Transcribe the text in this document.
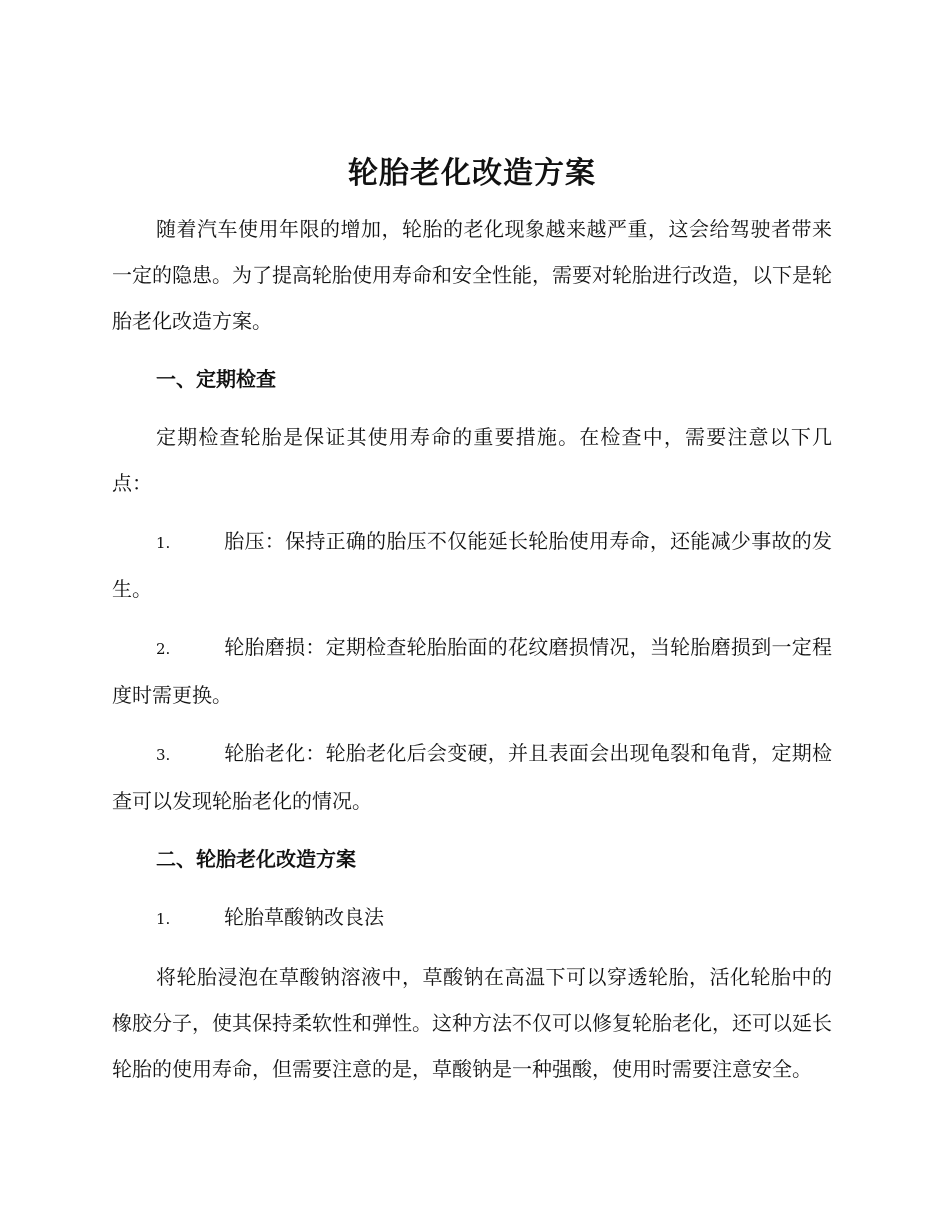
轮胎老化改造方案

随着汽车使用年限的增加，轮胎的老化现象越来越严重，这会给驾驶者带来一定的隐患。为了提高轮胎使用寿命和安全性能，需要对轮胎进行改造，以下是轮胎老化改造方案。

一、定期检查

定期检查轮胎是保证其使用寿命的重要措施。在检查中，需要注意以下几点：

1.	胎压：保持正确的胎压不仅能延长轮胎使用寿命，还能减少事故的发生。

2.	轮胎磨损：定期检查轮胎胎面的花纹磨损情况，当轮胎磨损到一定程度时需更换。

3.	轮胎老化：轮胎老化后会变硬，并且表面会出现龟裂和龟背，定期检查可以发现轮胎老化的情况。

二、轮胎老化改造方案

1.	轮胎草酸钠改良法

将轮胎浸泡在草酸钠溶液中，草酸钠在高温下可以穿透轮胎，活化轮胎中的橡胶分子，使其保持柔软性和弹性。这种方法不仅可以修复轮胎老化，还可以延长轮胎的使用寿命，但需要注意的是，草酸钠是一种强酸，使用时需要注意安全。
